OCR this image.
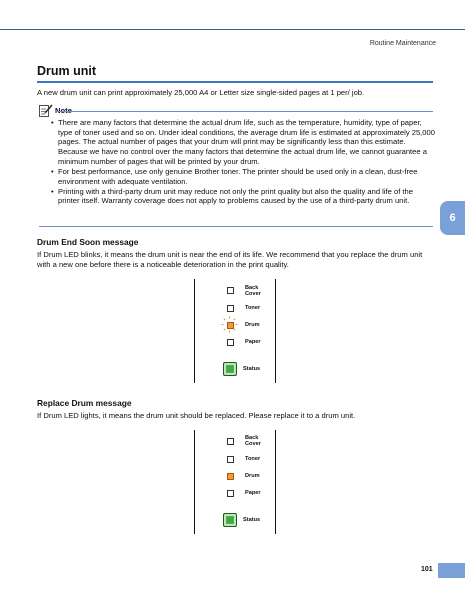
Routine Maintenance
Drum unit
A new drum unit can print approximately 25,000 A4 or Letter size single-sided pages at 1 per/ job.
• There are many factors that determine the actual drum life, such as the temperature, humidity, type of paper, type of toner used and so on. Under ideal conditions, the average drum life is estimated at approximately 25,000 pages. The actual number of pages that your drum will print may be significantly less than this estimate. Because we have no control over the many factors that determine the actual drum life, we cannot guarantee a minimum number of pages that will be printed by your drum.
• For best performance, use only genuine Brother toner. The printer should be used only in a clean, dust-free environment with adequate ventilation.
• Printing with a third-party drum unit may reduce not only the print quality but also the quality and life of the printer itself. Warranty coverage does not apply to problems caused by the use of a third-party drum unit.
6
Drum End Soon message
If Drum LED blinks, it means the drum unit is near the end of its life. We recommend that you replace the drum unit with a new one before there is a noticeable deterioration in the print quality.
Back Cover
Toner
Drum
Paper
Status
Replace Drum message
If Drum LED lights, it means the drum unit should be replaced. Please replace it to a drum unit.
Back Cover
Toner
Drum
Paper
Status
101
